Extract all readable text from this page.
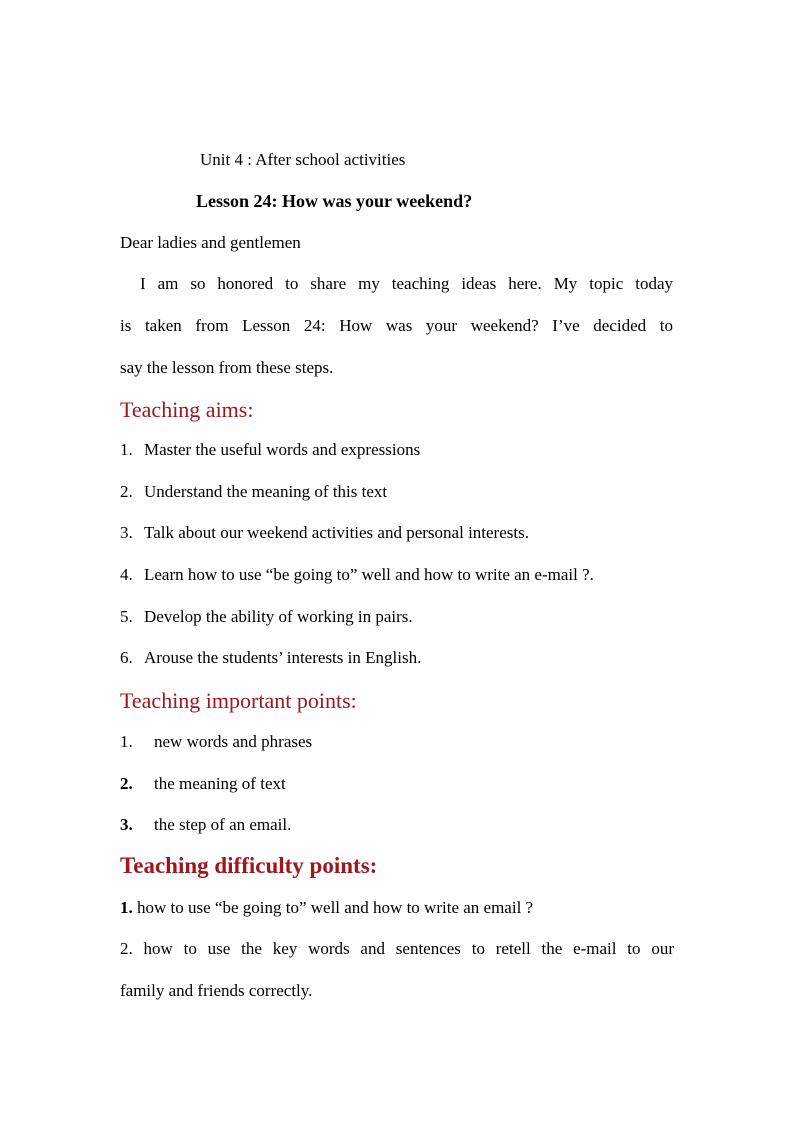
Unit 4 : After school activities
Lesson 24: How was your weekend?
Dear ladies and gentlemen
I am so honored to share my teaching ideas here. My topic today
is taken from Lesson 24: How was your weekend? I’ve decided to
say the lesson from these steps.
Teaching aims:
1. Master the useful words and expressions
2. Understand the meaning of this text
3. Talk about our weekend activities and personal interests.
4. Learn how to use “be going to” well and how to write an e-mail ?.
5. Develop the ability of working in pairs.
6. Arouse the students’ interests in English.
Teaching important points:
1. new words and phrases
2. the meaning of text
3. the step of an email.
Teaching difficulty points:
1. how to use “be going to” well and how to write an email ?
2. how to use the key words and sentences to retell the e-mail to our
family and friends correctly.
